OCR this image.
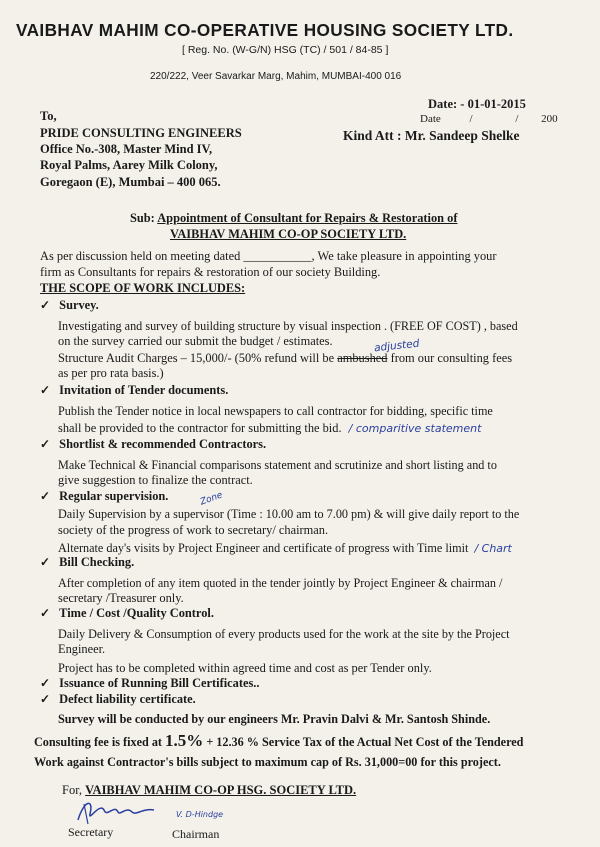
VAIBHAV MAHIM CO-OPERATIVE HOUSING SOCIETY LTD.
[ Reg. No. (W-G/N) HSG (TC) / 501 / 84-85 ]
220/222, Veer Savarkar Marg, Mahim, MUMBAI-400 016
Date: - 01-01-2015
Date	/	/ 200
To,
PRIDE CONSULTING ENGINEERS
Office No.-308, Master Mind IV,
Royal Palms, Aarey Milk Colony,
Goregaon (E), Mumbai – 400 065.
Kind Att : Mr. Sandeep Shelke
Sub: Appointment of Consultant for Repairs & Restoration of
VAIBHAV MAHIM CO-OP SOCIETY LTD.
As per discussion held on meeting dated ___________, We take pleasure in appointing your
firm as Consultants for repairs & restoration of our society Building.
THE SCOPE OF WORK INCLUDES:
✓ Survey.
Investigating and survey of building structure by visual inspection . (FREE OF COST) , based
on the survey carried our submit the budget / estimates.	adjusted
Structure Audit Charges – 15,000/- (50% refund will be ambushed from our consulting fees
as per pro rata basis.)
✓ Invitation of Tender documents.
Publish the Tender notice in local newspapers to call contractor for bidding, specific time
shall be provided to the contractor for submitting the bid. / comparitive statement
✓ Shortlist & recommended Contractors.
Make Technical & Financial comparisons statement and scrutinize and short listing and to
give suggestion to finalize the contract.
✓ Regular supervision.	Zone
Daily Supervision by a supervisor (Time : 10.00 am to 7.00 pm) & will give daily report to the
society of the progress of work to secretary/ chairman.
Alternate day's visits by Project Engineer and certificate of progress with Time limit / Chart
✓ Bill Checking.
After completion of any item quoted in the tender jointly by Project Engineer & chairman /
secretary /Treasurer only.
✓ Time / Cost /Quality Control.
Daily Delivery & Consumption of every products used for the work at the site by the Project
Engineer.
Project has to be completed within agreed time and cost as per Tender only.
✓ Issuance of Running Bill Certificates..
✓ Defect liability certificate.
Survey will be conducted by our engineers Mr. Pravin Dalvi & Mr. Santosh Shinde.
Consulting fee is fixed at 1.5% + 12.36 % Service Tax of the Actual Net Cost of the Tendered
Work against Contractor's bills subject to maximum cap of Rs. 31,000=00 for this project.
For, VAIBHAV MAHIM CO-OP HSG. SOCIETY LTD.
V. D-Hindge
Secretary	Chairman
